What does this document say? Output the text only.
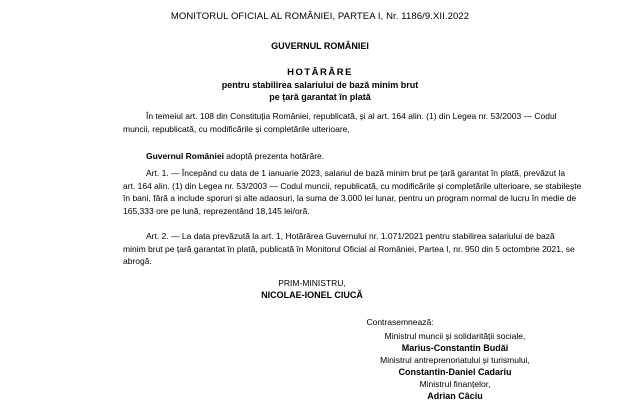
MONITORUL OFICIAL AL ROMÂNIEI, PARTEA I, Nr. 1186/9.XII.2022

GUVERNUL ROMÂNIEI

HOTĂRÂRE

pentru stabilirea salariului de bază minim brut

pe țară garantat în plată

În temeiul art. 108 din Constituția României, republicată, și al art. 164 alin. (1) din Legea nr. 53/2003 — Codul
muncii, republicată, cu modificările și completările ulterioare,
Guvernul României adoptă prezenta hotărâre.
Art. 1. — Începând cu data de 1 ianuarie 2023, salariul de bază minim brut pe țară garantat în plată, prevăzut la
art. 164 alin. (1) din Legea nr. 53/2003 — Codul muncii, republicată, cu modificările și completările ulterioare, se stabilește
în bani, fără a include sporuri și alte adaosuri, la suma de 3.000 lei lunar, pentru un program normal de lucru în medie de
165,333 ore pe lună, reprezentând 18,145 lei/oră.
Art. 2. — La data prevăzută la art. 1, Hotărârea Guvernului nr. 1.071/2021 pentru stabilirea salariului de bază
minim brut pe țară garantat în plată, publicată în Monitorul Oficial al României, Partea I, nr. 950 din 5 octombrie 2021, se
abrogă.

PRIM-MINISTRU,

NICOLAE-IONEL CIUCĂ

Contrasemnează:

Ministrul muncii și solidarității sociale,

Marius-Constantin Budăi

Ministrul antreprenoriatului și turismului,

Constantin-Daniel Cadariu

Ministrul finanțelor,

Adrian Câciu
